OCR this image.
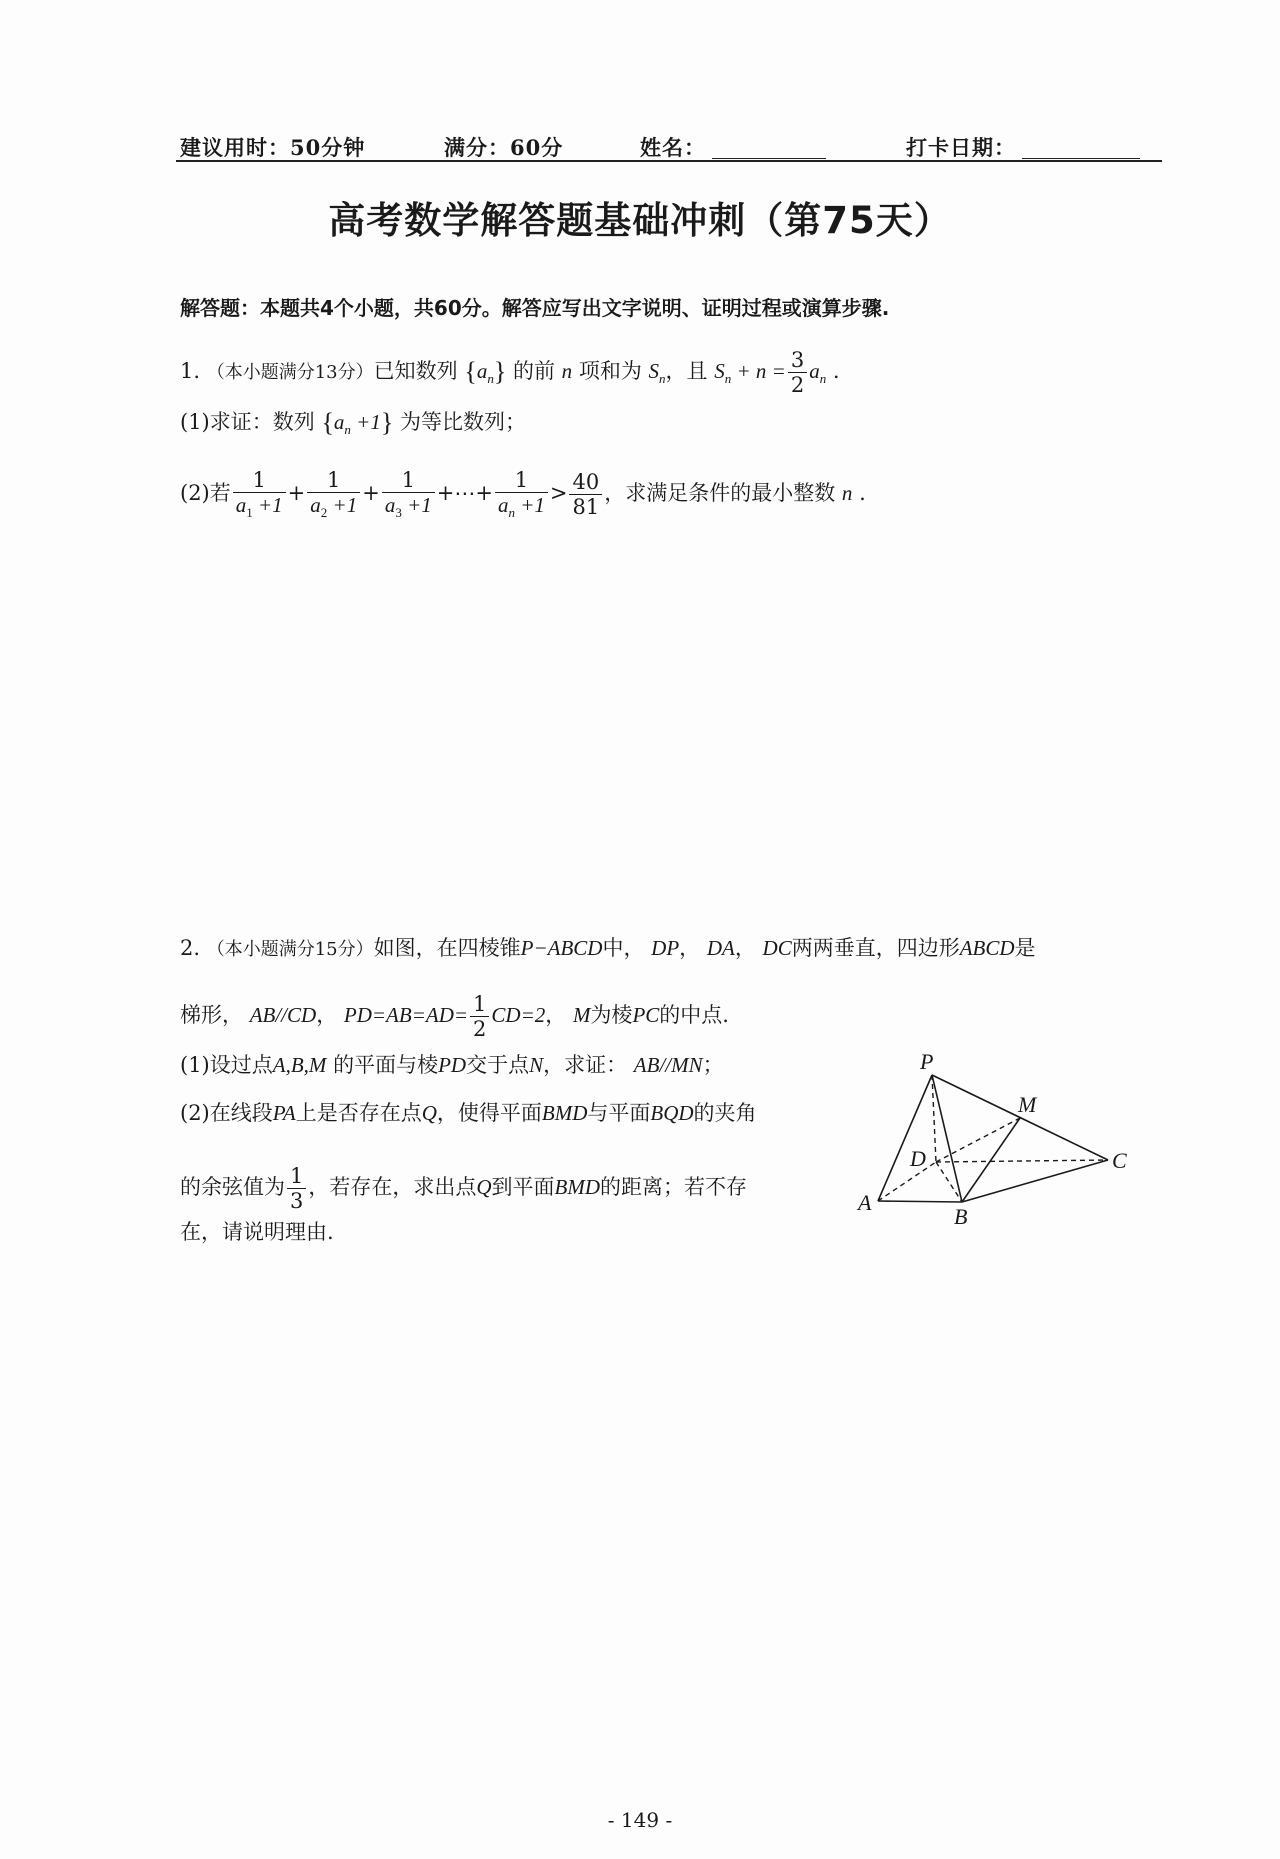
建议用时：50分钟	满分：60分	姓名：	打卡日期：
高考数学解答题基础冲刺（第75天）
解答题：本题共4个小题，共60分。解答应写出文字说明、证明过程或演算步骤.
1. （本小题满分13分）已知数列 $\{a_n\}$ 的前 n 项和为 $S_n$，且 $S_n + n = \frac{3}{2} a_n$ .
(1)求证：数列 $\{a_n +1\}$ 为等比数列；
(2)若 $\frac{1}{a_1 +1} + \frac{1}{a_2 +1} + \frac{1}{a_3 +1}$ +⋯+ $\frac{1}{a_n +1} > \frac{40}{81}$ ，求满足条件的最小整数 n .
2. （本小题满分15分）如图，在四棱锥P−ABCD中， DP， DA， DC两两垂直，四边形ABCD是
梯形， AB//CD， $PD=AB=AD= \frac{1}{2} CD=2$， M为棱PC的中点.
(1)设过点A,B,M 的平面与棱PD交于点N，求证： AB//MN；
(2)在线段PA上是否存在点Q，使得平面BMD与平面BQD的夹角
的余弦值为 $\frac{1}{3}$ ，若存在，求出点Q到平面BMD的距离；若不存
在，请说明理由.
P
M
D	C
A
B
- 149 -
